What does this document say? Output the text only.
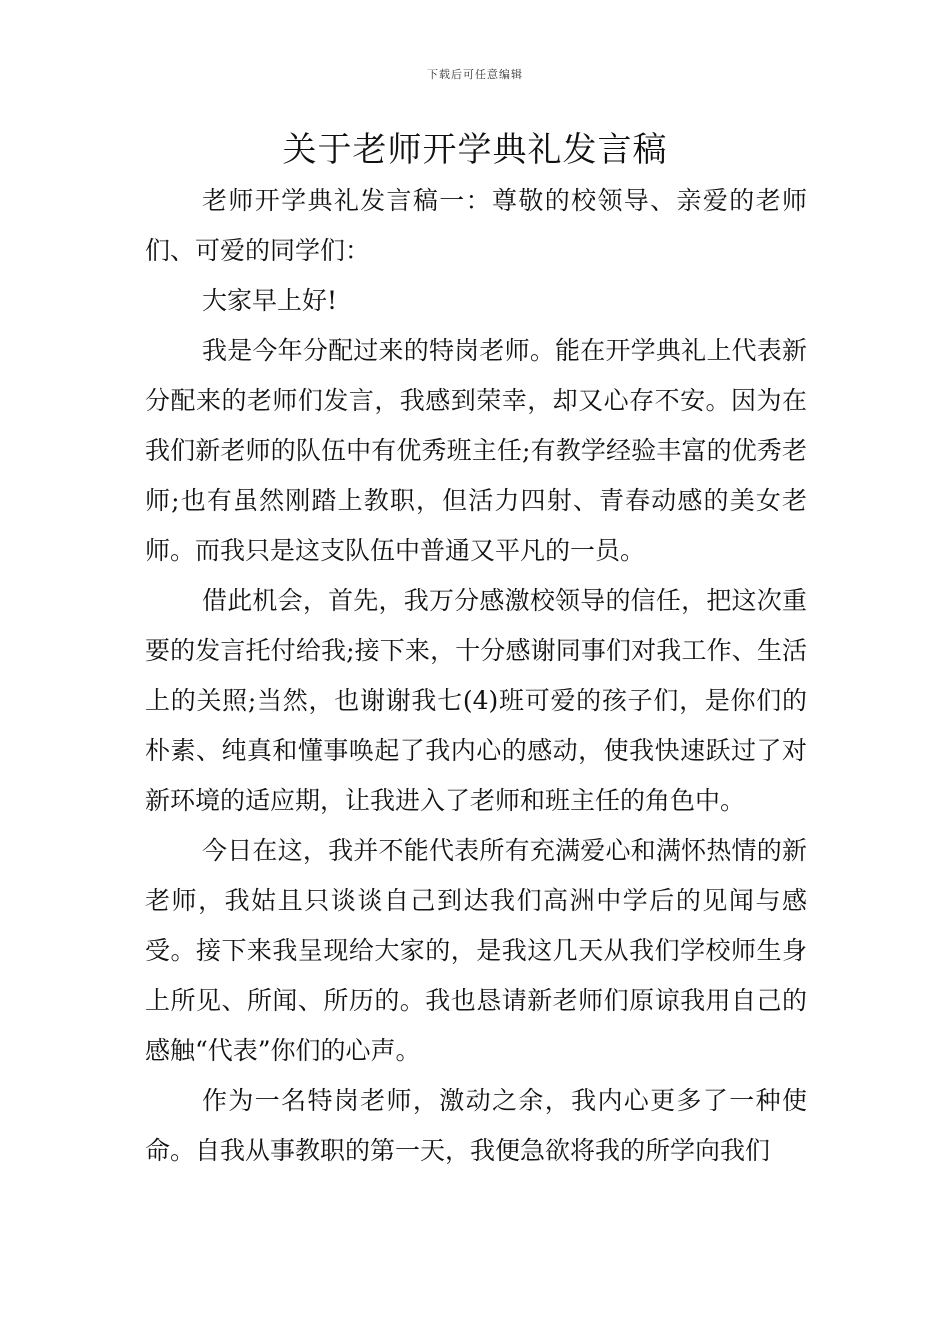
下载后可任意编辑
关于老师开学典礼发言稿

老师开学典礼发言稿一：尊敬的校领导、亲爱的老师们、可爱的同学们：

大家早上好!

我是今年分配过来的特岗老师。能在开学典礼上代表新分配来的老师们发言，我感到荣幸，却又心存不安。因为在我们新老师的队伍中有优秀班主任;有教学经验丰富的优秀老师;也有虽然刚踏上教职，但活力四射、青春动感的美女老师。而我只是这支队伍中普通又平凡的一员。

借此机会，首先，我万分感激校领导的信任，把这次重要的发言托付给我;接下来，十分感谢同事们对我工作、生活上的关照;当然，也谢谢我七(4)班可爱的孩子们，是你们的朴素、纯真和懂事唤起了我内心的感动，使我快速跃过了对新环境的适应期，让我进入了老师和班主任的角色中。

今日在这，我并不能代表所有充满爱心和满怀热情的新老师，我姑且只谈谈自己到达我们高洲中学后的见闻与感受。接下来我呈现给大家的，是我这几天从我们学校师生身上所见、所闻、所历的。我也恳请新老师们原谅我用自己的感触“代表”你们的心声。

作为一名特岗老师，激动之余，我内心更多了一种使命。自我从事教职的第一天，我便急欲将我的所学向我们
